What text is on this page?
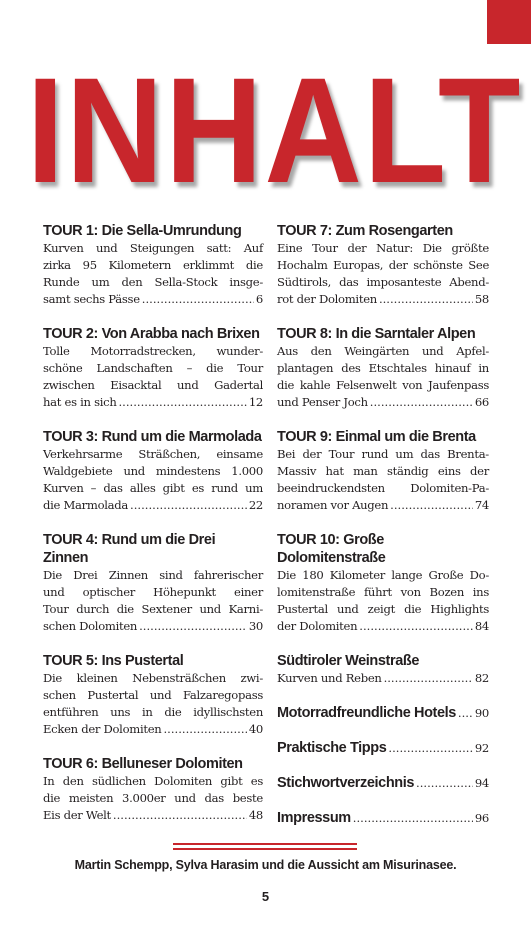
INHALT
TOUR 1: Die Sella-Umrundung
Kurven und Steigungen satt: Auf
zirka 95 Kilometern erklimmt die
Runde um den Sella-Stock insge-
samt sechs Pässe .....	6
TOUR 2: Von Arabba nach Brixen
Tolle Motorradstrecken, wunder-
schöne Landschaften – die Tour
zwischen Eisacktal und Gadertal
hat es in sich .....	12
TOUR 3: Rund um die Marmolada
Verkehrsarme Sträßchen, einsame
Waldgebiete und mindestens 1.000
Kurven – das alles gibt es rund um
die Marmolada .....	22
TOUR 4: Rund um die Drei Zinnen
Die Drei Zinnen sind fahrerischer
und optischer Höhepunkt einer
Tour durch die Sextener und Karni-
schen Dolomiten .....	30
TOUR 5: Ins Pustertal
Die kleinen Nebensträßchen zwi-
schen Pustertal und Falzaregopass
entführen uns in die idyllischsten
Ecken der Dolomiten .....	40
TOUR 6: Belluneser Dolomiten
In den südlichen Dolomiten gibt es
die meisten 3.000er und das beste
Eis der Welt .....	48
TOUR 7: Zum Rosengarten
Eine Tour der Natur: Die größte
Hochalm Europas, der schönste See
Südtirols, das imposanteste Abend-
rot der Dolomiten .....	58
TOUR 8: In die Sarntaler Alpen
Aus den Weingärten und Apfel-
plantagen des Etschtales hinauf in
die kahle Felsenwelt von Jaufenpass
und Penser Joch .....	66
TOUR 9: Einmal um die Brenta
Bei der Tour rund um das Brenta-
Massiv hat man ständig eins der
beeindruckendsten Dolomiten-Pa-
noramen vor Augen .....	74
TOUR 10: Große Dolomitenstraße
Die 180 Kilometer lange Große Do-
lomitenstraße führt von Bozen ins
Pustertal und zeigt die Highlights
der Dolomiten .....	84
Südtiroler Weinstraße
Kurven und Reben .....	82
Motorradfreundliche Hotels ..... 90
Praktische Tipps .....	92
Stichwortverzeichnis .....	94
Impressum .....	96
Martin Schempp, Sylva Harasim und die Aussicht am Misurinasee.
5
